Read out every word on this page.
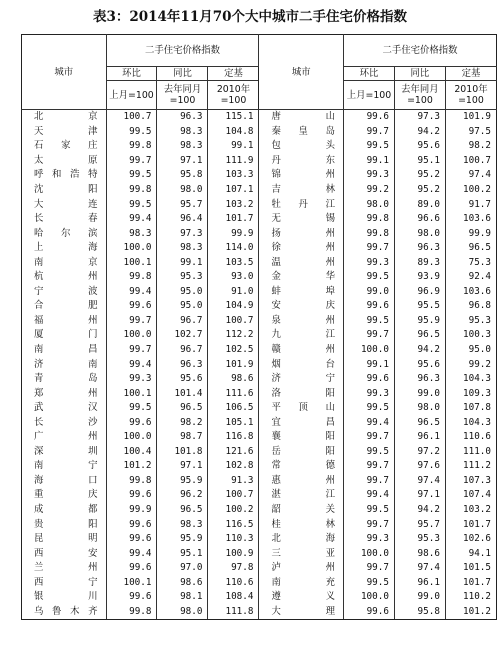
表3：2014年11月70个大中城市二手住宅价格指数
城市	二手住宅价格指数			城市	二手住宅价格指数		
	环比	同比	定基		环比	同比	定基
	上月=100	去年同月=100	2010年=100		上月=100	去年同月=100	2010年=100
北京	100.7	96.3	115.1	唐山	99.6	97.3	101.9
天津	99.5	98.3	104.8	秦皇岛	99.7	94.2	97.5
石家庄	99.8	98.3	99.1	包头	99.5	95.6	98.2
太原	99.7	97.1	111.9	丹东	99.1	95.1	100.7
呼和浩特	99.5	95.8	103.3	锦州	99.3	95.2	97.4
沈阳	99.8	98.0	107.1	吉林	99.2	95.2	100.2
大连	99.5	95.7	103.2	牡丹江	98.0	89.0	91.7
长春	99.4	96.4	101.7	无锡	99.8	96.6	103.6
哈尔滨	98.3	97.3	99.9	扬州	99.8	98.0	99.9
上海	100.0	98.3	114.0	徐州	99.7	96.3	96.5
南京	100.1	99.1	103.5	温州	99.3	89.3	75.3
杭州	99.8	95.3	93.0	金华	99.5	93.9	92.4
宁波	99.4	95.0	91.0	蚌埠	99.0	96.9	103.6
合肥	99.6	95.0	104.9	安庆	99.6	95.5	96.8
福州	99.7	96.7	100.7	泉州	99.5	95.9	95.3
厦门	100.0	102.7	112.2	九江	99.7	96.5	100.3
南昌	99.7	96.7	102.5	赣州	100.0	94.2	95.0
济南	99.4	96.3	101.9	烟台	99.1	95.6	99.2
青岛	99.3	95.6	98.6	济宁	99.6	96.3	104.3
郑州	100.1	101.4	111.6	洛阳	99.3	99.0	109.3
武汉	99.5	96.5	106.5	平顶山	99.5	98.0	107.8
长沙	99.6	98.2	105.1	宜昌	99.4	96.5	104.3
广州	100.0	98.7	116.8	襄阳	99.7	96.1	110.6
深圳	100.4	101.8	121.6	岳阳	99.5	97.2	111.0
南宁	101.2	97.1	102.8	常德	99.7	97.6	111.2
海口	99.8	95.9	91.3	惠州	99.7	97.4	107.3
重庆	99.6	96.2	100.7	湛江	99.4	97.1	107.4
成都	99.9	96.5	100.2	韶关	99.5	94.2	103.2
贵阳	99.6	98.3	116.5	桂林	99.7	95.7	101.7
昆明	99.6	95.9	110.3	北海	99.3	95.3	102.6
西安	99.4	95.1	100.9	三亚	100.0	98.6	94.1
兰州	99.6	97.0	97.8	泸州	99.7	97.4	101.5
西宁	100.1	98.6	110.6	南充	99.5	96.1	101.7
银川	99.6	98.1	108.4	遵义	100.0	99.0	110.2
乌鲁木齐	99.8	98.0	111.8	大理	99.6	95.8	101.2
